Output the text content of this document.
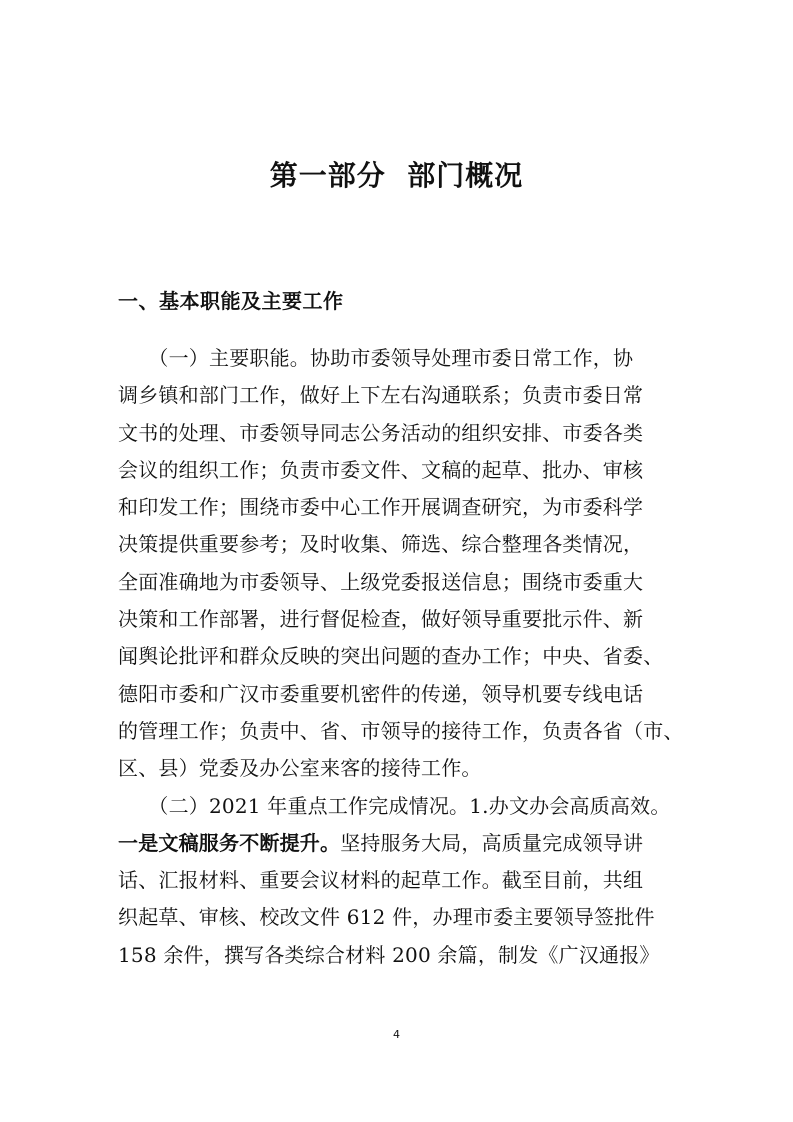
第一部分  部门概况
一、基本职能及主要工作
　　（一）主要职能。协助市委领导处理市委日常工作，协
调乡镇和部门工作，做好上下左右沟通联系；负责市委日常
文书的处理、市委领导同志公务活动的组织安排、市委各类
会议的组织工作；负责市委文件、文稿的起草、批办、审核
和印发工作；围绕市委中心工作开展调查研究，为市委科学
决策提供重要参考；及时收集、筛选、综合整理各类情况，
全面准确地为市委领导、上级党委报送信息；围绕市委重大
决策和工作部署，进行督促检查，做好领导重要批示件、新
闻舆论批评和群众反映的突出问题的查办工作；中央、省委、
德阳市委和广汉市委重要机密件的传递，领导机要专线电话
的管理工作；负责中、省、市领导的接待工作，负责各省（市、
区、县）党委及办公室来客的接待工作。
　　（二）2021 年重点工作完成情况。1.办文办会高质高效。
一是文稿服务不断提升。坚持服务大局，高质量完成领导讲
话、汇报材料、重要会议材料的起草工作。截至目前，共组
织起草、审核、校改文件 612 件，办理市委主要领导签批件
158 余件，撰写各类综合材料 200 余篇，制发《广汉通报》
4
